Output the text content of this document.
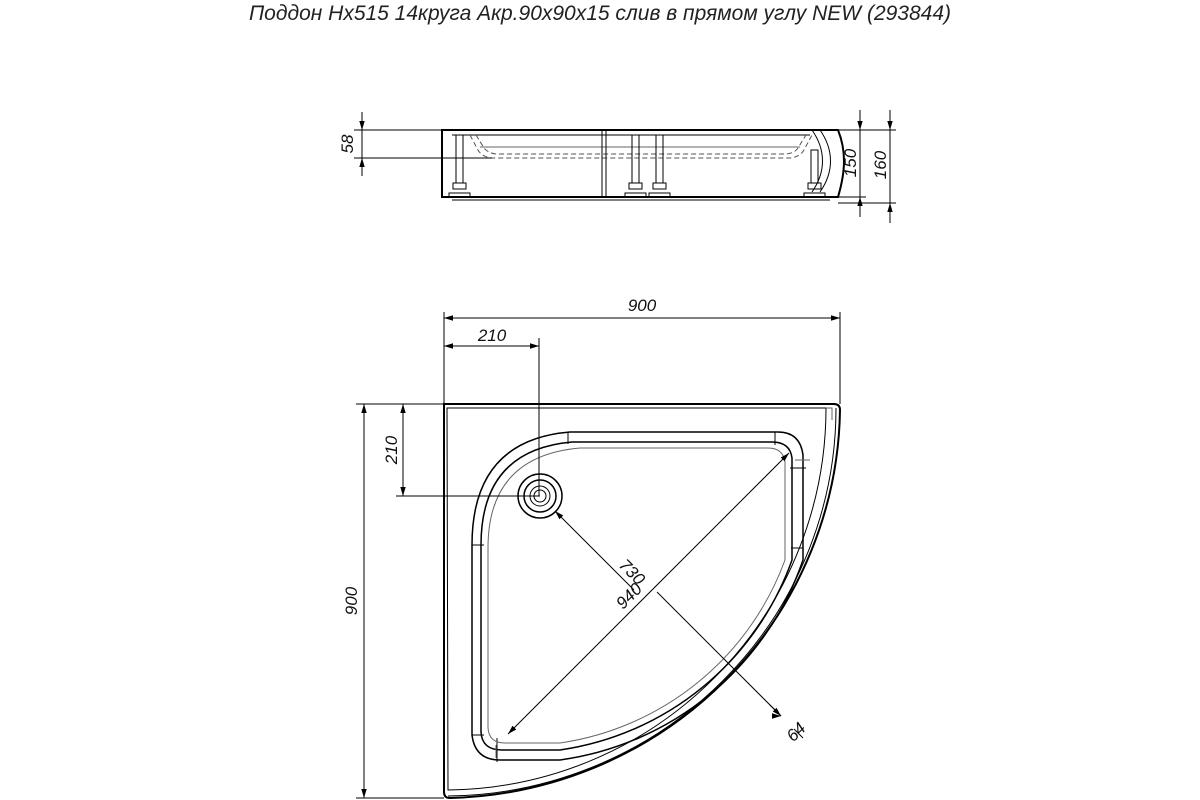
Поддон Нх515 14круга Акр.90х90х15 слив в прямом углу NEW (293844)
58
150 160
730
940
64
900
210
210
900
